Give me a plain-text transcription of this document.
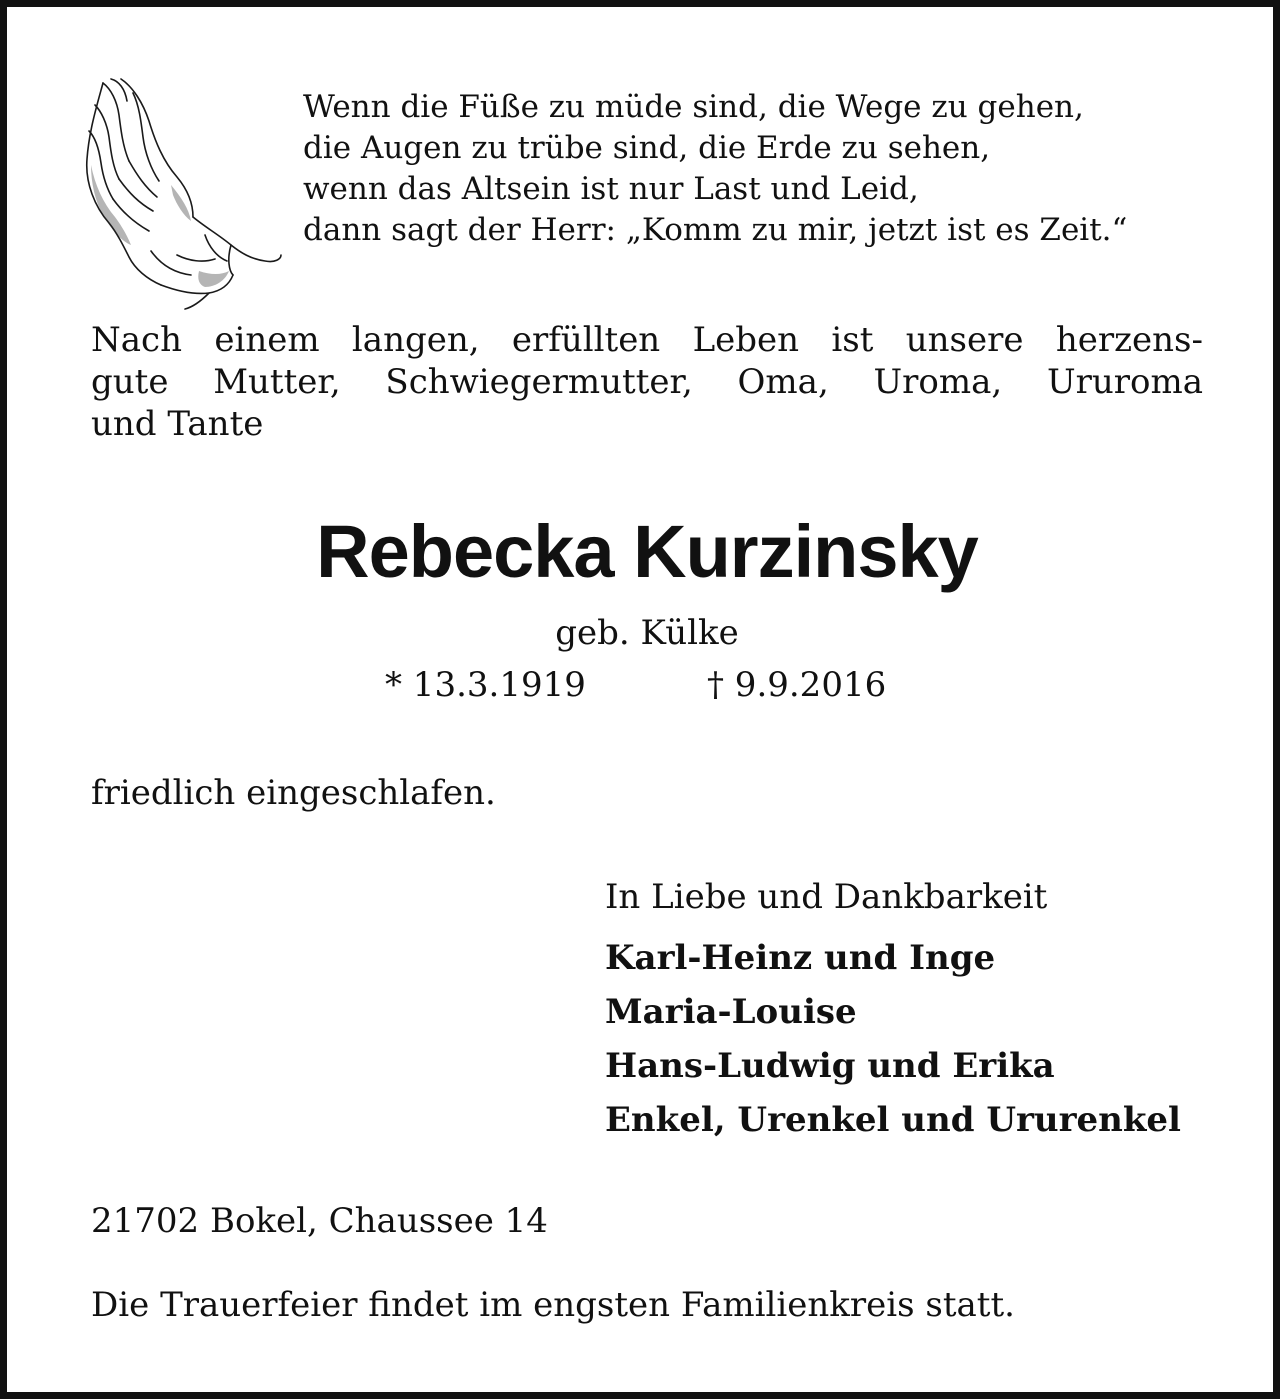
Wenn die Füße zu müde sind, die Wege zu gehen,
die Augen zu trübe sind, die Erde zu sehen,
wenn das Altsein ist nur Last und Leid,
dann sagt der Herr: „Komm zu mir, jetzt ist es Zeit.“
Nach einem langen, erfüllten Leben ist unsere herzens-
gute Mutter, Schwiegermutter, Oma, Uroma, Ururoma
und Tante
Rebecka Kurzinsky
geb. Külke
* 13.3.1919	† 9.9.2016
friedlich eingeschlafen.
In Liebe und Dankbarkeit
Karl-Heinz und Inge
Maria-Louise
Hans-Ludwig und Erika
Enkel, Urenkel und Ururenkel
21702 Bokel, Chaussee 14
Die Trauerfeier findet im engsten Familienkreis statt.
